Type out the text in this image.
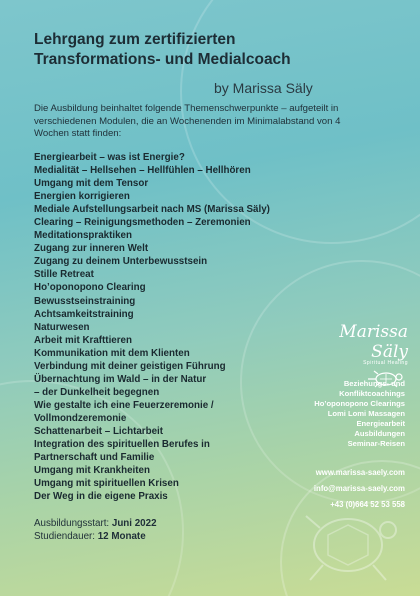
Lehrgang zum zertifizierten Transformations- und Medialcoach
by Marissa Säly
Die Ausbildung beinhaltet folgende Themenschwerpunkte – aufgeteilt in verschiedenen Modulen, die an Wochenenden im Minimalabstand von 4 Wochen statt finden:
Energiearbeit – was ist Energie?
Medialität – Hellsehen – Hellfühlen – Hellhören
Umgang mit dem Tensor
Energien korrigieren
Mediale Aufstellungsarbeit nach MS (Marissa Säly)
Clearing – Reinigungsmethoden – Zeremonien
Meditationspraktiken
Zugang zur inneren Welt
Zugang zu deinem Unterbewusstsein
Stille Retreat
Ho’oponopono Clearing
Bewusstseinstraining
Achtsamkeitstraining
Naturwesen
Arbeit mit Krafttieren
Kommunikation mit dem Klienten
Verbindung mit deiner geistigen Führung
Übernachtung im Wald – in der Natur
– der Dunkelheit begegnen
Wie gestalte ich eine Feuerzeremonie /
Vollmondzeremonie
Schattenarbeit – Lichtarbeit
Integration des spirituellen Berufes in
Partnerschaft und Familie
Umgang mit Krankheiten
Umgang mit spirituellen Krisen
Der Weg in die eigene Praxis
Ausbildungsstart: Juni 2022
Studiendauer: 12 Monate
Marissa Säly
Spiritual Healing
Beziehungs- und
Konfliktcoachings
Ho’oponopono Clearings
Lomi Lomi Massagen
Energiearbeit
Ausbildungen
Seminar-Reisen
www.marissa-saely.com
info@marissa-saely.com
+43 (0)664 52 53 558
